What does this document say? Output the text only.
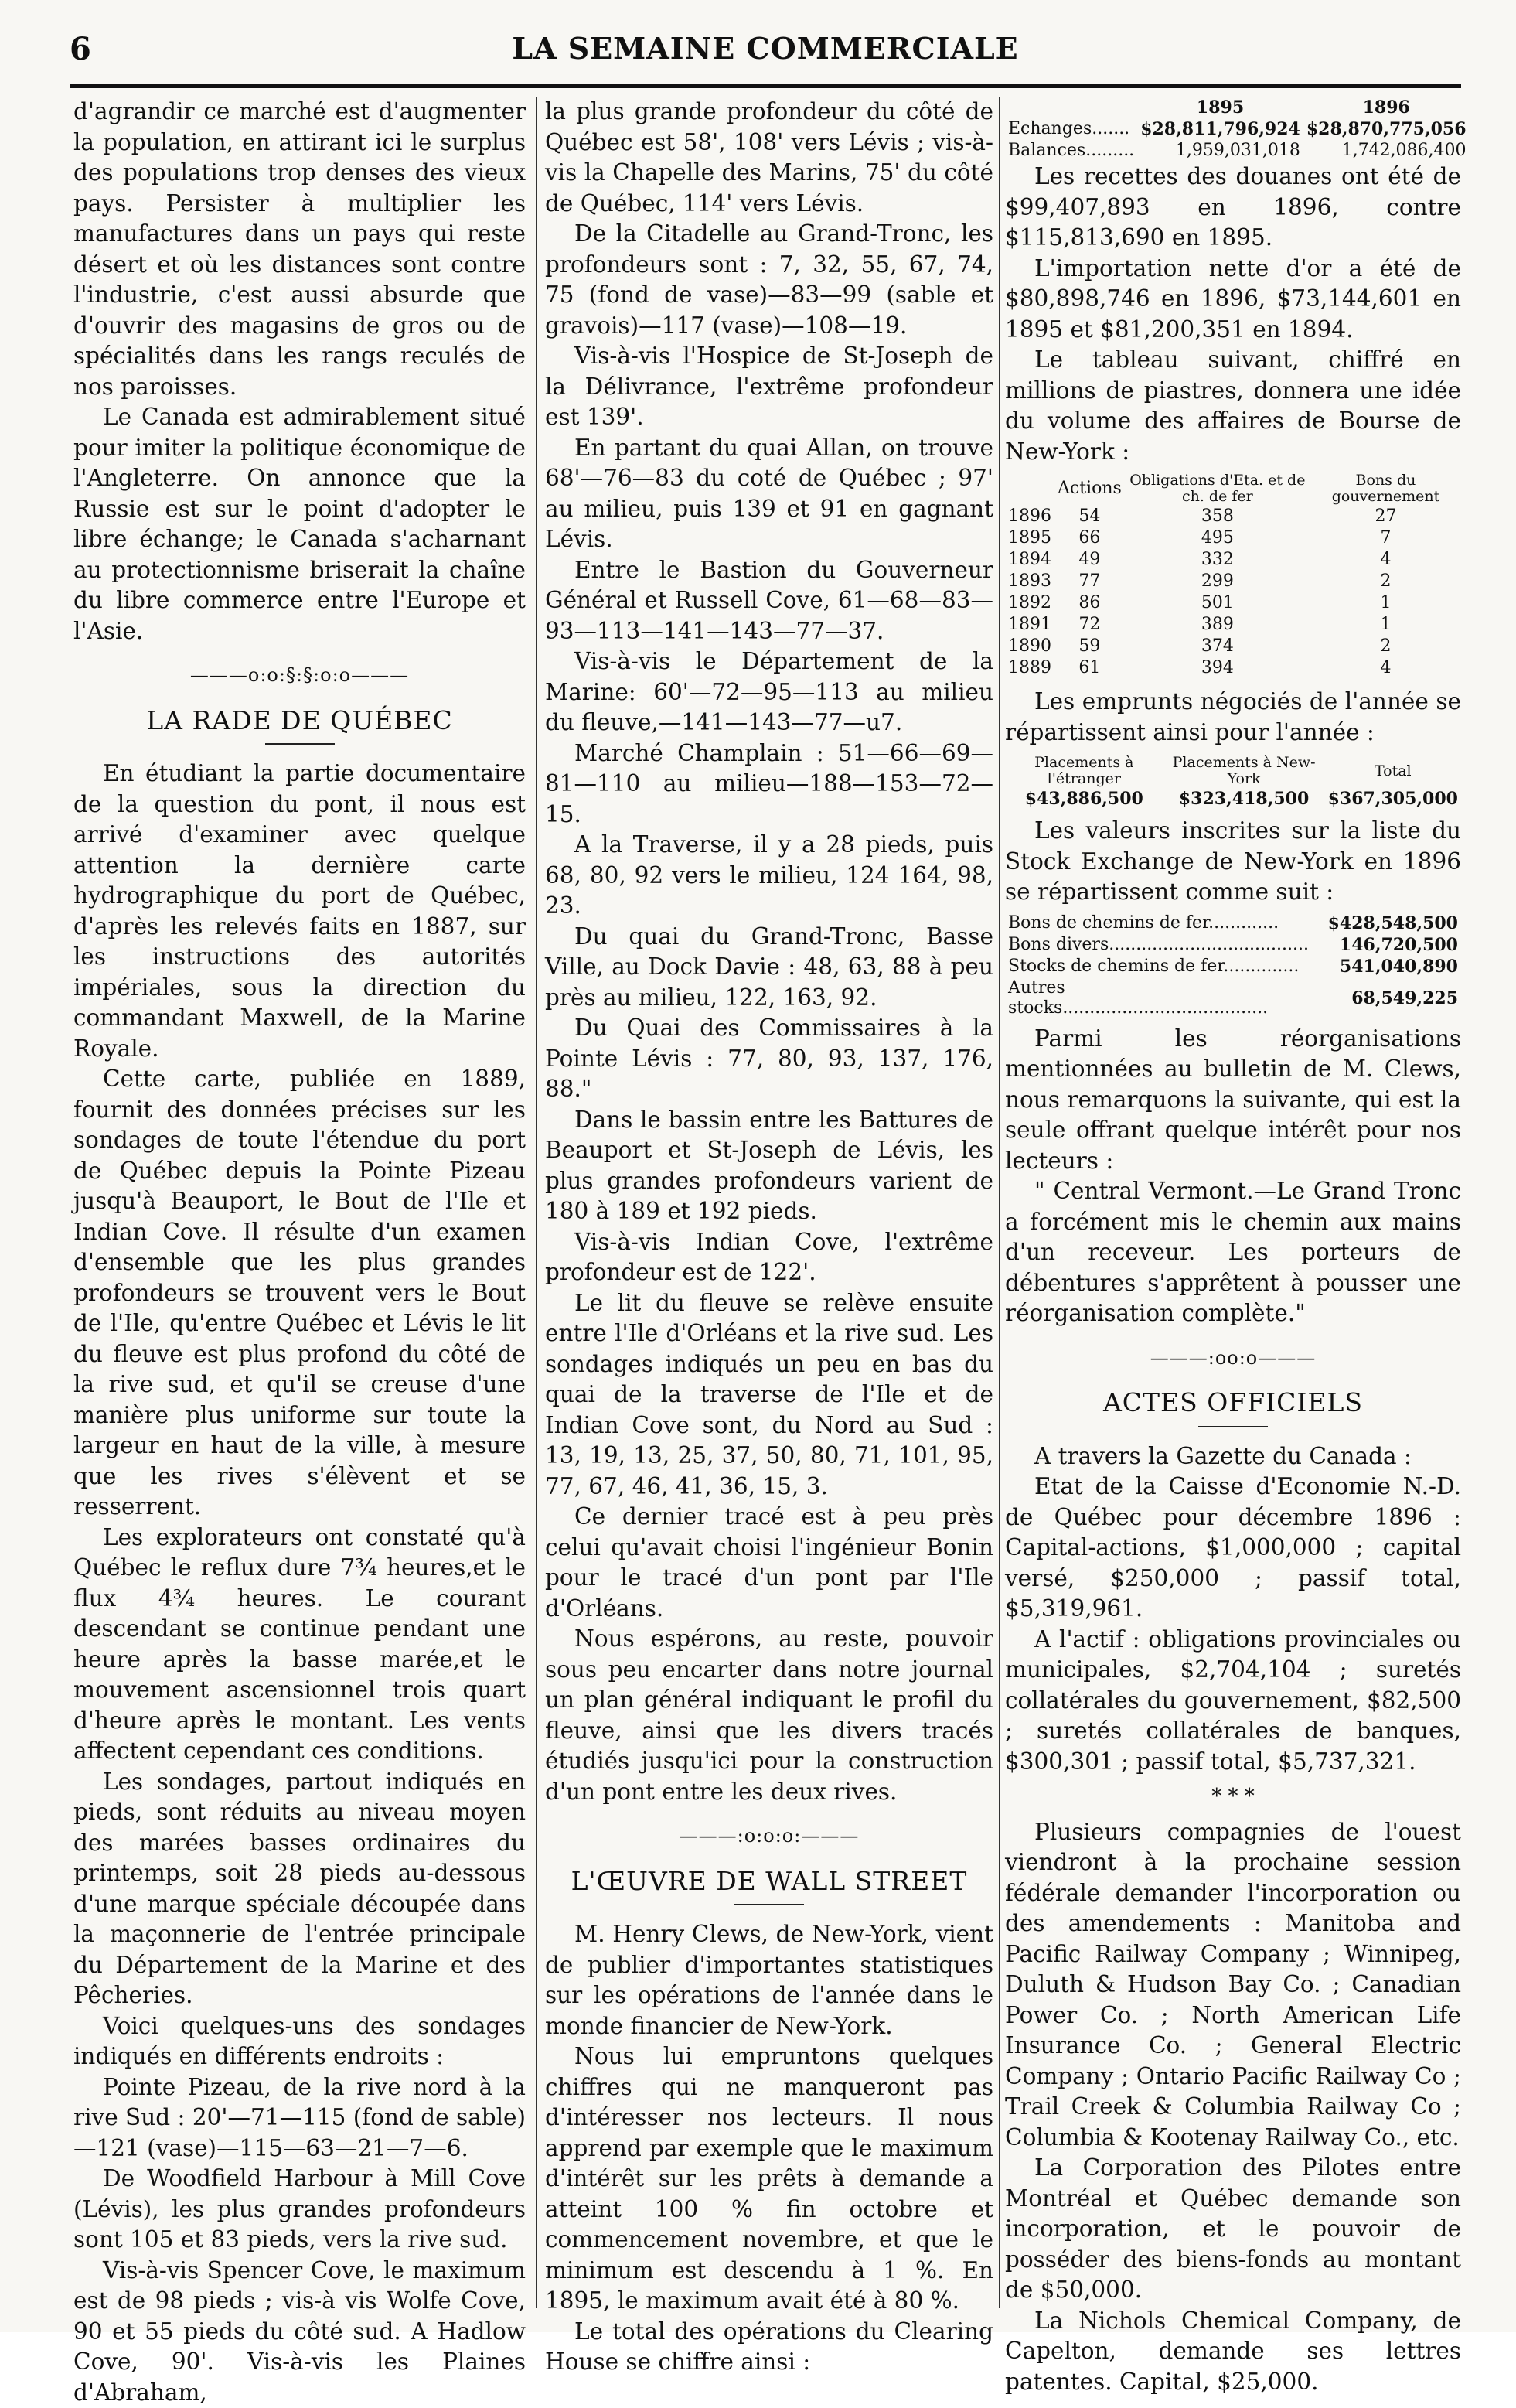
6	LA SEMAINE COMMERCIALE

d'agrandir ce marché est d'augmenter la population, en attirant ici le surplus des populations trop denses des vieux pays. Persister à multiplier les manufactures dans un pays qui reste désert et où les distances sont contre l'industrie, c'est aussi absurde que d'ouvrir des magasins de gros ou de spécialités dans les rangs reculés de nos paroisses.

Le Canada est admirablement situé pour imiter la politique économique de l'Angleterre. On annonce que la Russie est sur le point d'adopter le libre échange; le Canada s'acharnant au protectionnisme briserait la chaîne du libre commerce entre l'Europe et l'Asie.

———o:o:§:§:o:o———
LA RADE DE QUÉBEC

En étudiant la partie documentaire de la question du pont, il nous est arrivé d'examiner avec quelque attention la dernière carte hydrographique du port de Québec, d'après les relevés faits en 1887, sur les instructions des autorités impériales, sous la direction du commandant Maxwell, de la Marine Royale.

Cette carte, publiée en 1889, fournit des données précises sur les sondages de toute l'étendue du port de Québec depuis la Pointe Pizeau jusqu'à Beauport, le Bout de l'Ile et Indian Cove. Il résulte d'un examen d'ensemble que les plus grandes profondeurs se trouvent vers le Bout de l'Ile, qu'entre Québec et Lévis le lit du fleuve est plus profond du côté de la rive sud, et qu'il se creuse d'une manière plus uniforme sur toute la largeur en haut de la ville, à mesure que les rives s'élèvent et se resserrent.

Les explorateurs ont constaté qu'à Québec le reflux dure 7¾ heures,et le flux 4¾ heures. Le courant descendant se continue pendant une heure après la basse marée,et le mouvement ascensionnel trois quart d'heure après le montant. Les vents affectent cependant ces conditions.

Les sondages, partout indiqués en pieds, sont réduits au niveau moyen des marées basses ordinaires du printemps, soit 28 pieds au-dessous d'une marque spéciale découpée dans la maçonnerie de l'entrée principale du Département de la Marine et des Pêcheries.

Voici quelques-uns des sondages indiqués en différents endroits :

Pointe Pizeau, de la rive nord à la rive Sud : 20'—71—115 (fond de sable)—121 (vase)—115—63—21—7—6.

De Woodfield Harbour à Mill Cove (Lévis), les plus grandes profondeurs sont 105 et 83 pieds, vers la rive sud.

Vis-à-vis Spencer Cove, le maximum est de 98 pieds ; vis-à vis Wolfe Cove, 90 et 55 pieds du côté sud. A Hadlow Cove, 90'. Vis-à-vis les Plaines d'Abraham,

la plus grande profondeur du côté de Québec est 58', 108' vers Lévis ; vis-à-vis la Chapelle des Marins, 75' du côté de Québec, 114' vers Lévis.

De la Citadelle au Grand-Tronc, les profondeurs sont : 7, 32, 55, 67, 74, 75 (fond de vase)—83—99 (sable et gravois)—117 (vase)—108—19.

Vis-à-vis l'Hospice de St-Joseph de la Délivrance, l'extrême profondeur est 139'.

En partant du quai Allan, on trouve 68'—76—83 du coté de Québec ; 97' au milieu, puis 139 et 91 en gagnant Lévis.

Entre le Bastion du Gouverneur Général et Russell Cove, 61—68—83—93—113—141—143—77—37.

Vis-à-vis le Département de la Marine: 60'—72—95—113 au milieu du fleuve,—141—143—77—u7.

Marché Champlain : 51—66—69—81—110 au milieu—188—153—72—15.

A la Traverse, il y a 28 pieds, puis 68, 80, 92 vers le milieu, 124 164, 98, 23.

Du quai du Grand-Tronc, Basse Ville, au Dock Davie : 48, 63, 88 à peu près au milieu, 122, 163, 92.

Du Quai des Commissaires à la Pointe Lévis : 77, 80, 93, 137, 176, 88."

Dans le bassin entre les Battures de Beauport et St-Joseph de Lévis, les plus grandes profondeurs varient de 180 à 189 et 192 pieds.

Vis-à-vis Indian Cove, l'extrême profondeur est de 122'.

Le lit du fleuve se relève ensuite entre l'Ile d'Orléans et la rive sud. Les sondages indiqués un peu en bas du quai de la traverse de l'Ile et de Indian Cove sont, du Nord au Sud : 13, 19, 13, 25, 37, 50, 80, 71, 101, 95, 77, 67, 46, 41, 36, 15, 3.

Ce dernier tracé est à peu près celui qu'avait choisi l'ingénieur Bonin pour le tracé d'un pont par l'Ile d'Orléans.

Nous espérons, au reste, pouvoir sous peu encarter dans notre journal un plan général indiquant le profil du fleuve, ainsi que les divers tracés étudiés jusqu'ici pour la construction d'un pont entre les deux rives.

———:o:o:o:———
L'ŒUVRE DE WALL STREET

M. Henry Clews, de New-York, vient de publier d'importantes statistiques sur les opérations de l'année dans le monde financier de New-York.

Nous lui empruntons quelques chiffres qui ne manqueront pas d'intéresser nos lecteurs. Il nous apprend par exemple que le maximum d'intérêt sur les prêts à demande a atteint 100 % fin octobre et commencement novembre, et que le minimum est descendu à 1 %. En 1895, le maximum avait été à 80 %.

Le total des opérations du Clearing House se chiffre ainsi :

	1895	1896
Echanges.......	$28,811,796,924	$28,870,775,056
Balances.........	1,959,031,018	1,742,086,400

Les recettes des douanes ont été de $99,407,893 en 1896, contre $115,813,690 en 1895.

L'importation nette d'or a été de $80,898,746 en 1896, $73,144,601 en 1895 et $81,200,351 en 1894.

Le tableau suivant, chiffré en millions de piastres, donnera une idée du volume des affaires de Bourse de New-York :

	Actions	Obligations d'Eta. et de ch. de fer	Bons du gouvernement
1896	54	358	27
1895	66	495	7
1894	49	332	4
1893	77	299	2
1892	86	501	1
1891	72	389	1
1890	59	374	2
1889	61	394	4

Les emprunts négociés de l'année se répartissent ainsi pour l'année :

Placements à l'étranger	Placements à New-York	Total
$43,886,500	$323,418,500	$367,305,000

Les valeurs inscrites sur la liste du Stock Exchange de New-York en 1896 se répartissent comme suit :

Bons de chemins de fer.............	$428,548,500
Bons divers.....................................	146,720,500
Stocks de chemins de fer..............	541,040,890
Autres stocks......................................	68,549,225

Parmi les réorganisations mentionnées au bulletin de M. Clews, nous remarquons la suivante, qui est la seule offrant quelque intérêt pour nos lecteurs :

" Central Vermont.—Le Grand Tronc a forcément mis le chemin aux mains d'un receveur. Les porteurs de débentures s'apprêtent à pousser une réorganisation complète."

———:oo:o———
ACTES OFFICIELS

A travers la Gazette du Canada :

Etat de la Caisse d'Economie N.-D. de Québec pour décembre 1896 : Capital-actions, $1,000,000 ; capital versé, $250,000 ; passif total, $5,319,961.

A l'actif : obligations provinciales ou municipales, $2,704,104 ; suretés collatérales du gouvernement, $82,500 ; suretés collatérales de banques, $300,301 ; passif total, $5,737,321.

* * *

Plusieurs compagnies de l'ouest viendront à la prochaine session fédérale demander l'incorporation ou des amendements : Manitoba and Pacific Railway Company ; Winnipeg, Duluth & Hudson Bay Co. ; Canadian Power Co. ; North American Life Insurance Co. ; General Electric Company ; Ontario Pacific Railway Co ; Trail Creek & Columbia Railway Co ; Columbia & Kootenay Railway Co., etc.

La Corporation des Pilotes entre Montréal et Québec demande son incorporation, et le pouvoir de posséder des biens-fonds au montant de $50,000.

La Nichols Chemical Company, de Capelton, demande ses lettres patentes. Capital, $25,000.
